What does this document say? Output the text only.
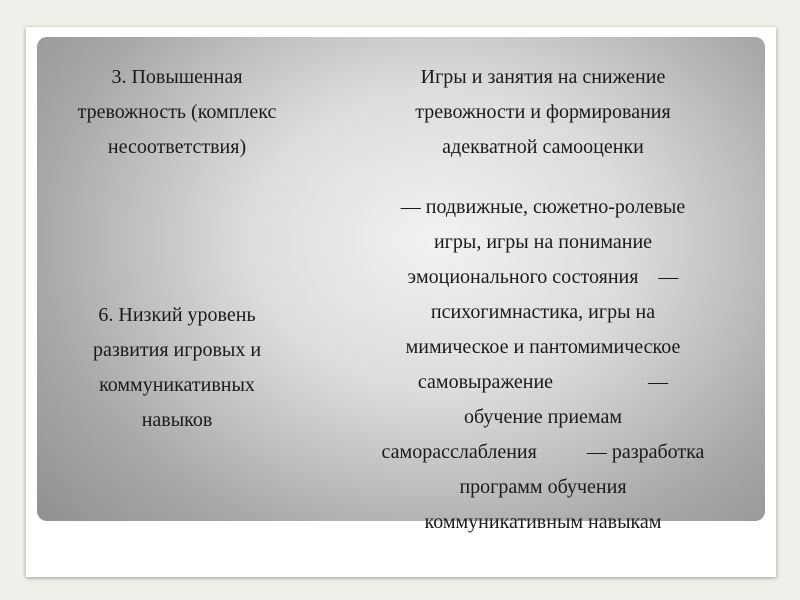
3. Повышенная
тревожность (комплекс
несоответствия)
6. Низкий уровень
развития игровых и
коммуникативных
навыков
Игры и занятия на снижение
тревожности и формирования
адекватной самооценки
— подвижные, сюжетно-ролевые
игры, игры на понимание
эмоционального состояния    —
психогимнастика, игры на
мимическое и пантомимическое
самовыражение                   —
обучение приемам
саморасслабления          — разработка
программ обучения
коммуникативным навыкам
